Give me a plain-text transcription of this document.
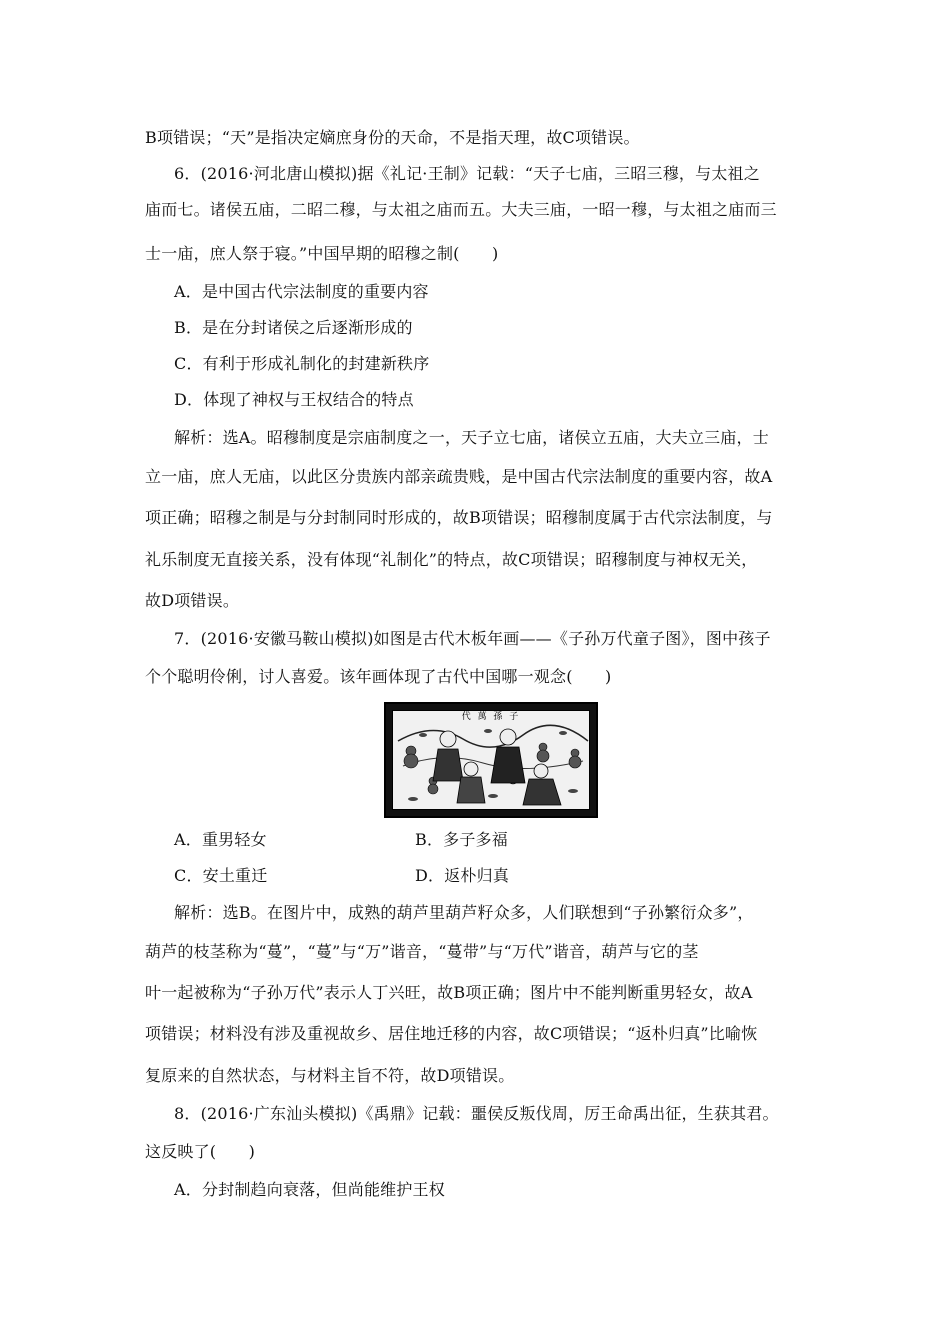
B项错误；“天”是指决定嫡庶身份的天命，不是指天理，故C项错误。
6．(2016·河北唐山模拟)据《礼记·王制》记载：“天子七庙，三昭三穆，与太祖之
庙而七。诸侯五庙，二昭二穆，与太祖之庙而五。大夫三庙，一昭一穆，与太祖之庙而三
士一庙，庶人祭于寝。”中国早期的昭穆之制(　　)
A．是中国古代宗法制度的重要内容
B．是在分封诸侯之后逐渐形成的
C．有利于形成礼制化的封建新秩序
D．体现了神权与王权结合的特点
解析：选A。昭穆制度是宗庙制度之一，天子立七庙，诸侯立五庙，大夫立三庙，士
立一庙，庶人无庙，以此区分贵族内部亲疏贵贱，是中国古代宗法制度的重要内容，故A
项正确；昭穆之制是与分封制同时形成的，故B项错误；昭穆制度属于古代宗法制度，与
礼乐制度无直接关系，没有体现“礼制化”的特点，故C项错误；昭穆制度与神权无关，
故D项错误。
7．(2016·安徽马鞍山模拟)如图是古代木板年画——《子孙万代童子图》，图中孩子
个个聪明伶俐，讨人喜爱。该年画体现了古代中国哪一观念(　　)
代 萬 孫 子
A．重男轻女	B．多子多福
C．安土重迁	D．返朴归真
解析：选B。在图片中，成熟的葫芦里葫芦籽众多，人们联想到“子孙繁衍众多”，
葫芦的枝茎称为“蔓”，“蔓”与“万”谐音，“蔓带”与“万代”谐音，葫芦与它的茎
叶一起被称为“子孙万代”表示人丁兴旺，故B项正确；图片中不能判断重男轻女，故A
项错误；材料没有涉及重视故乡、居住地迁移的内容，故C项错误；“返朴归真”比喻恢
复原来的自然状态，与材料主旨不符，故D项错误。
8．(2016·广东汕头模拟)《禹鼎》记载：噩侯反叛伐周，厉王命禹出征，生获其君。
这反映了(　　)
A．分封制趋向衰落，但尚能维护王权
